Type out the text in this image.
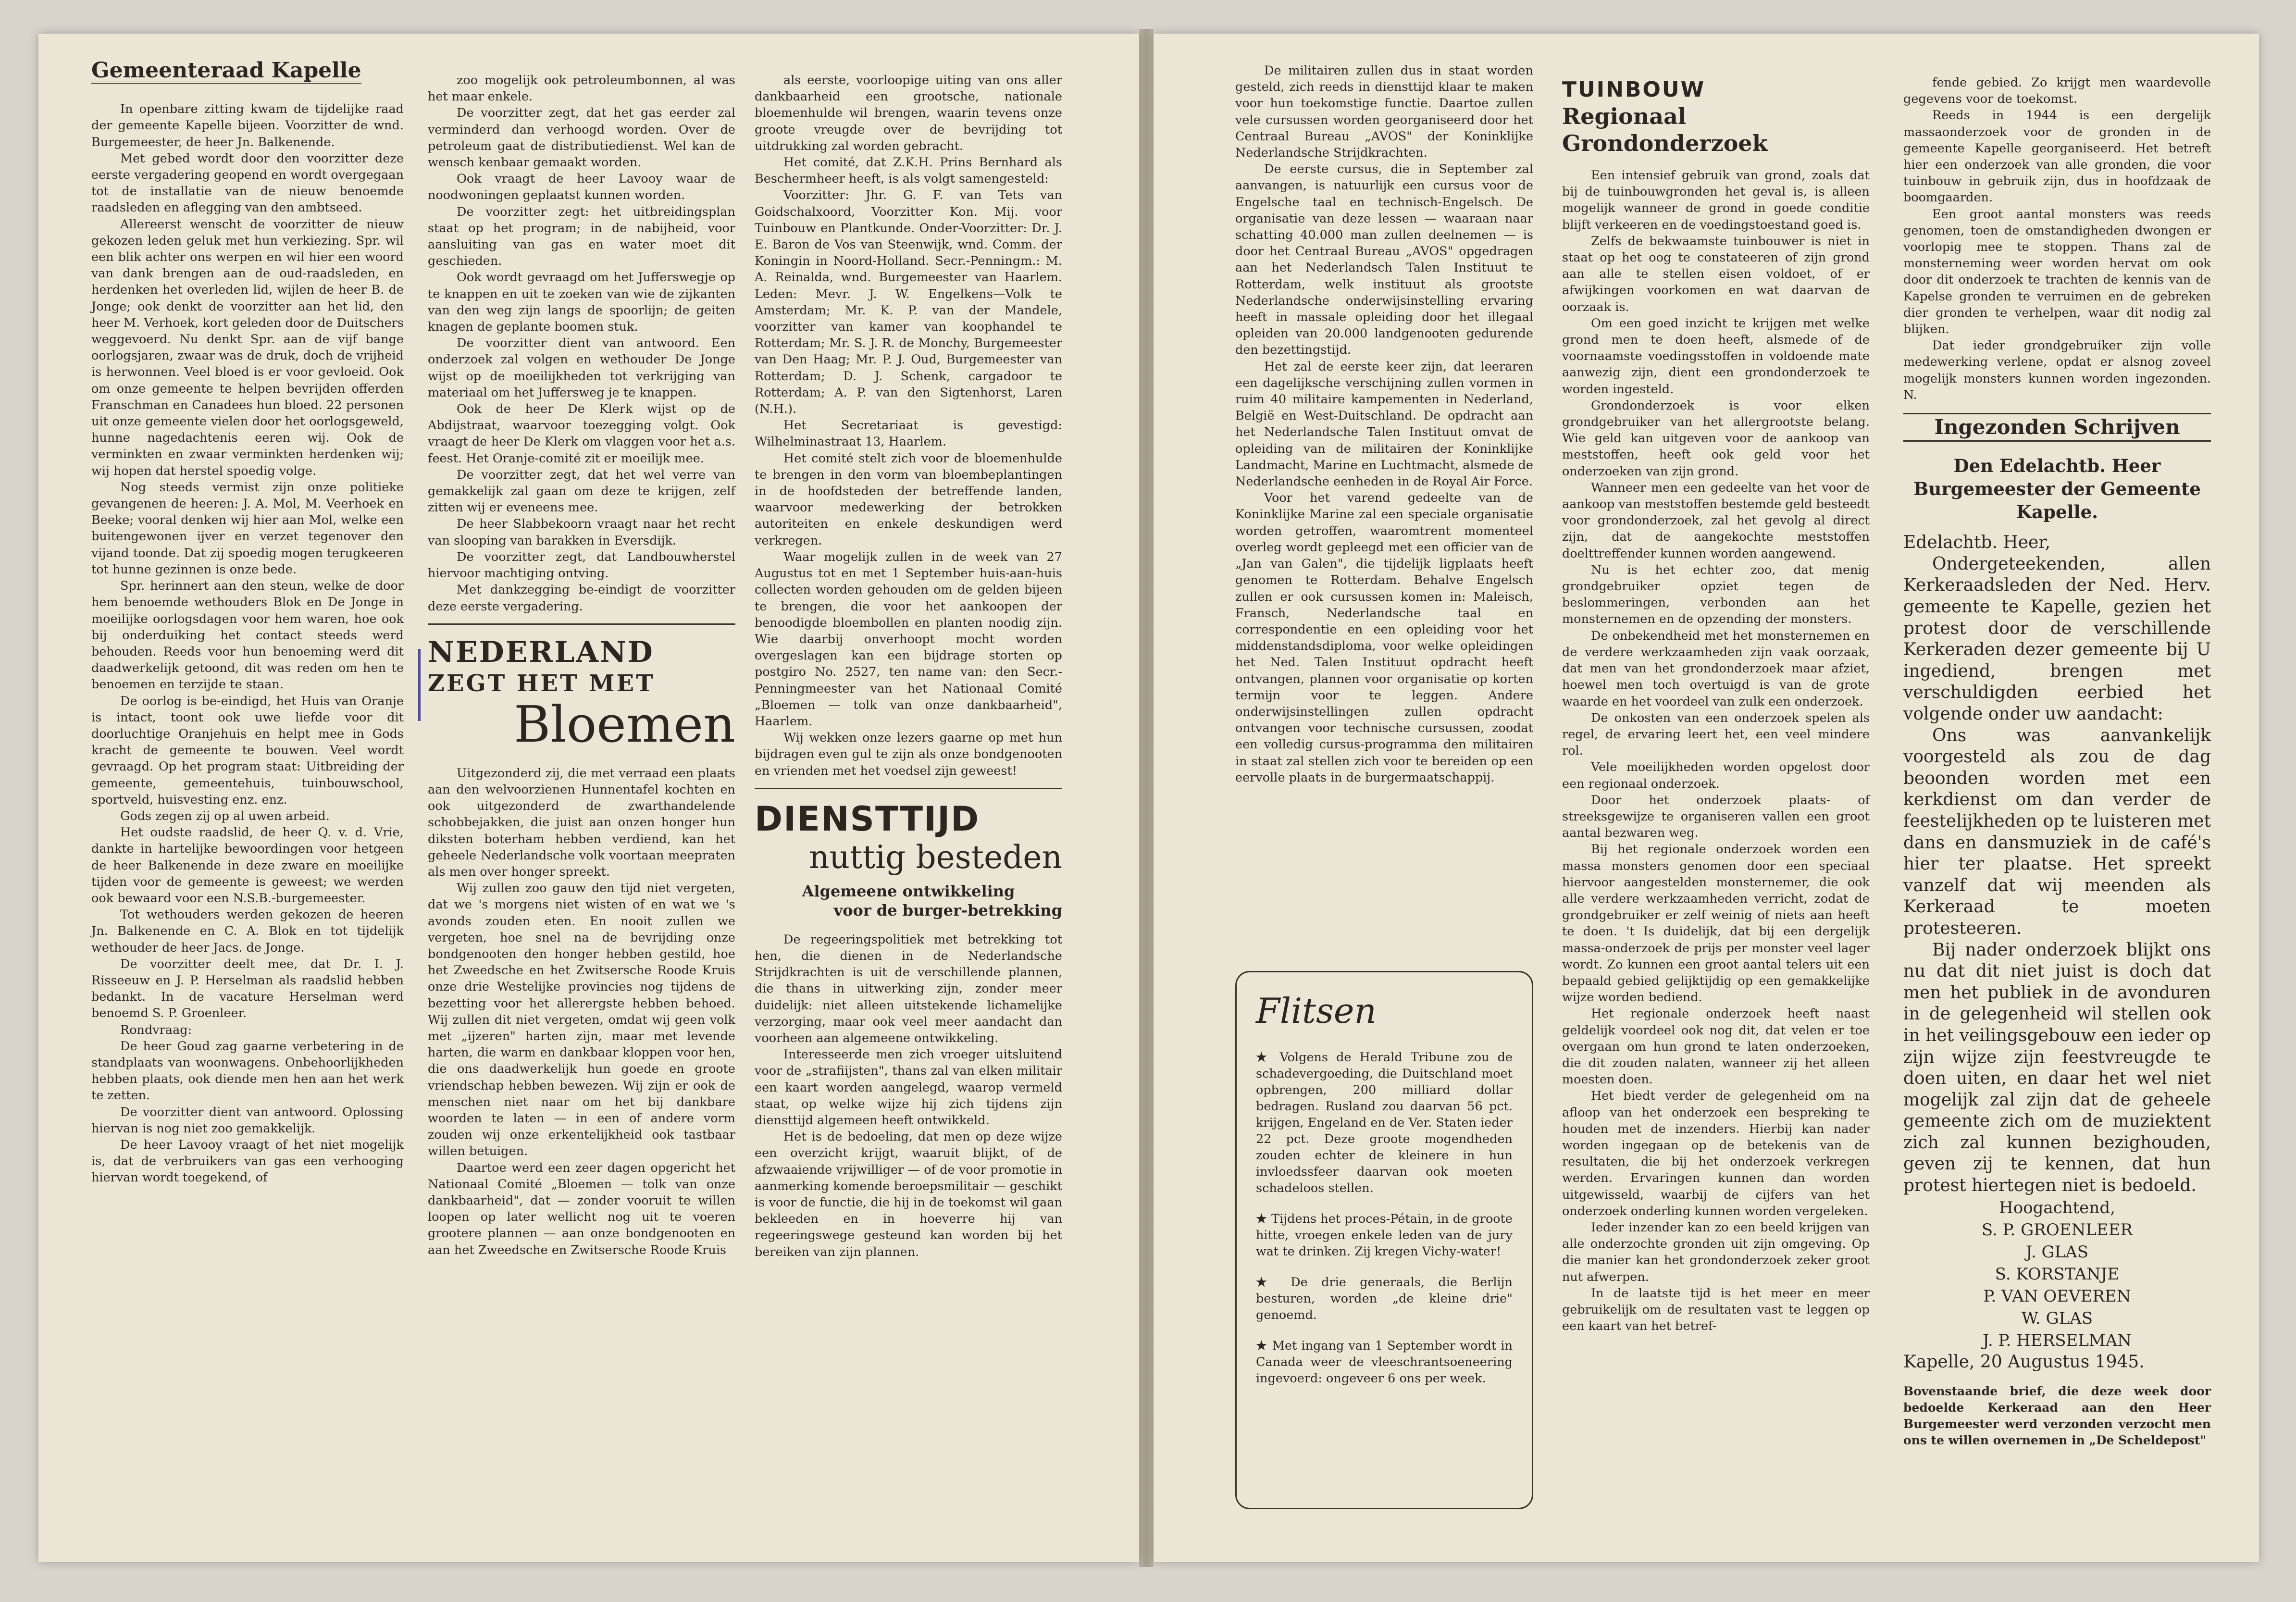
Gemeenteraad Kapelle

In openbare zitting kwam de tijdelijke raad der gemeente Kapelle bijeen. Voorzitter de wnd. Burgemeester, de heer Jn. Balkenende.

Met gebed wordt door den voorzitter deze eerste vergadering geopend en wordt overgegaan tot de installatie van de nieuw benoemde raadsleden en aflegging van den ambtseed.

Allereerst wenscht de voorzitter de nieuw gekozen leden geluk met hun verkiezing. Spr. wil een blik achter ons werpen en wil hier een woord van dank brengen aan de oud-raadsleden, en herdenken het overleden lid, wijlen de heer B. de Jonge; ook denkt de voorzitter aan het lid, den heer M. Verhoek, kort geleden door de Duitschers weggevoerd. Nu denkt Spr. aan de vijf bange oorlogsjaren, zwaar was de druk, doch de vrijheid is herwonnen. Veel bloed is er voor gevloeid. Ook om onze gemeente te helpen bevrijden offerden Franschman en Canadees hun bloed. 22 personen uit onze gemeente vielen door het oorlogsgeweld, hunne nagedachtenis eeren wij. Ook de verminkten en zwaar verminkten herdenken wij; wij hopen dat herstel spoedig volge.

Nog steeds vermist zijn onze politieke gevangenen de heeren: J. A. Mol, M. Veerhoek en Beeke; vooral denken wij hier aan Mol, welke een buitengewonen ijver en verzet tegenover den vijand toonde. Dat zij spoedig mogen terugkeeren tot hunne gezinnen is onze bede.

Spr. herinnert aan den steun, welke de door hem benoemde wethouders Blok en De Jonge in moeilijke oorlogsdagen voor hem waren, hoe ook bij onderduiking het contact steeds werd behouden. Reeds voor hun benoeming werd dit daadwerkelijk getoond, dit was reden om hen te benoemen en terzijde te staan.

De oorlog is be-eindigd, het Huis van Oranje is intact, toont ook uwe liefde voor dit doorluchtige Oranjehuis en helpt mee in Gods kracht de gemeente te bouwen. Veel wordt gevraagd. Op het program staat: Uitbreiding der gemeente, gemeentehuis, tuinbouwschool, sportveld, huisvesting enz. enz.

Gods zegen zij op al uwen arbeid.

Het oudste raadslid, de heer Q. v. d. Vrie, dankte in hartelijke bewoordingen voor hetgeen de heer Balkenende in deze zware en moeilijke tijden voor de gemeente is geweest; we werden ook bewaard voor een N.S.B.-burgemeester.

Tot wethouders werden gekozen de heeren Jn. Balkenende en C. A. Blok en tot tijdelijk wethouder de heer Jacs. de Jonge.

De voorzitter deelt mee, dat Dr. I. J. Risseeuw en J. P. Herselman als raadslid hebben bedankt. In de vacature Herselman werd benoemd S. P. Groenleer.

Rondvraag:

De heer Goud zag gaarne verbetering in de standplaats van woonwagens. Onbehoorlijkheden hebben plaats, ook diende men hen aan het werk te zetten.

De voorzitter dient van antwoord. Oplossing hiervan is nog niet zoo gemakkelijk.

De heer Lavooy vraagt of het niet mogelijk is, dat de verbruikers van gas een verhooging hiervan wordt toegekend, of

zoo mogelijk ook petroleumbonnen, al was het maar enkele.

De voorzitter zegt, dat het gas eerder zal verminderd dan verhoogd worden. Over de petroleum gaat de distributiedienst. Wel kan de wensch kenbaar gemaakt worden.

Ook vraagt de heer Lavooy waar de noodwoningen geplaatst kunnen worden.

De voorzitter zegt: het uitbreidingsplan staat op het program; in de nabijheid, voor aansluiting van gas en water moet dit geschieden.

Ook wordt gevraagd om het Jufferswegje op te knappen en uit te zoeken van wie de zijkanten van den weg zijn langs de spoorlijn; de geiten knagen de geplante boomen stuk.

De voorzitter dient van antwoord. Een onderzoek zal volgen en wethouder De Jonge wijst op de moeilijkheden tot verkrijging van materiaal om het Juffersweg je te knappen.

Ook de heer De Klerk wijst op de Abdijstraat, waarvoor toezegging volgt. Ook vraagt de heer De Klerk om vlaggen voor het a.s. feest. Het Oranje-comité zit er moeilijk mee.

De voorzitter zegt, dat het wel verre van gemakkelijk zal gaan om deze te krijgen, zelf zitten wij er eveneens mee.

De heer Slabbekoorn vraagt naar het recht van slooping van barakken in Eversdijk.

De voorzitter zegt, dat Landbouwherstel hiervoor machtiging ontving.

Met dankzegging be-eindigt de voorzitter deze eerste vergadering.

NEDERLAND
ZEGT HET MET
Bloemen

Uitgezonderd zij, die met verraad een plaats aan den welvoorzienen Hunnentafel kochten en ook uitgezonderd de zwarthandelende schobbejakken, die juist aan onzen honger hun diksten boterham hebben verdiend, kan het geheele Nederlandsche volk voortaan meepraten als men over honger spreekt.

Wij zullen zoo gauw den tijd niet vergeten, dat we 's morgens niet wisten of en wat we 's avonds zouden eten. En nooit zullen we vergeten, hoe snel na de bevrijding onze bondgenooten den honger hebben gestild, hoe het Zweedsche en het Zwitsersche Roode Kruis onze drie Westelijke provincies nog tijdens de bezetting voor het allerergste hebben behoed. Wij zullen dit niet vergeten, omdat wij geen volk met „ijzeren" harten zijn, maar met levende harten, die warm en dankbaar kloppen voor hen, die ons daadwerkelijk hun goede en groote vriendschap hebben bewezen. Wij zijn er ook de menschen niet naar om het bij dankbare woorden te laten — in een of andere vorm zouden wij onze erkentelijkheid ook tastbaar willen betuigen.

Daartoe werd een zeer dagen opgericht het Nationaal Comité „Bloemen — tolk van onze dankbaarheid", dat — zonder vooruit te willen loopen op later wellicht nog uit te voeren grootere plannen — aan onze bondgenooten en aan het Zweedsche en Zwitsersche Roode Kruis

als eerste, voorloopige uiting van ons aller dankbaarheid een grootsche, nationale bloemenhulde wil brengen, waarin tevens onze groote vreugde over de bevrijding tot uitdrukking zal worden gebracht.

Het comité, dat Z.K.H. Prins Bernhard als Beschermheer heeft, is als volgt samengesteld:

Voorzitter: Jhr. G. F. van Tets van Goidschalxoord, Voorzitter Kon. Mij. voor Tuinbouw en Plantkunde. Onder-Voorzitter: Dr. J. E. Baron de Vos van Steenwijk, wnd. Comm. der Koningin in Noord-Holland. Secr.-Penningm.: M. A. Reinalda, wnd. Burgemeester van Haarlem. Leden: Mevr. J. W. Engelkens—Volk te Amsterdam; Mr. K. P. van der Mandele, voorzitter van kamer van koophandel te Rotterdam; Mr. S. J. R. de Monchy, Burgemeester van Den Haag; Mr. P. J. Oud, Burgemeester van Rotterdam; D. J. Schenk, cargadoor te Rotterdam; A. P. van den Sigtenhorst, Laren (N.H.).

Het Secretariaat is gevestigd: Wilhelminastraat 13, Haarlem.

Het comité stelt zich voor de bloemenhulde te brengen in den vorm van bloembeplantingen in de hoofdsteden der betreffende landen, waarvoor medewerking der betrokken autoriteiten en enkele deskundigen werd verkregen.

Waar mogelijk zullen in de week van 27 Augustus tot en met 1 September huis-aan-huis collecten worden gehouden om de gelden bijeen te brengen, die voor het aankoopen der benoodigde bloembollen en planten noodig zijn. Wie daarbij onverhoopt mocht worden overgeslagen kan een bijdrage storten op postgiro No. 2527, ten name van: den Secr.-Penningmeester van het Nationaal Comité „Bloemen — tolk van onze dankbaarheid", Haarlem.

Wij wekken onze lezers gaarne op met hun bijdragen even gul te zijn als onze bondgenooten en vrienden met het voedsel zijn geweest!

DIENSTTIJD
nuttig besteden
Algemeene ontwikkeling
voor de burger-betrekking

De regeeringspolitiek met betrekking tot hen, die dienen in de Nederlandsche Strijdkrachten is uit de verschillende plannen, die thans in uitwerking zijn, zonder meer duidelijk: niet alleen uitstekende lichamelijke verzorging, maar ook veel meer aandacht dan voorheen aan algemeene ontwikkeling.

Interesseerde men zich vroeger uitsluitend voor de „strafiijsten", thans zal van elken militair een kaart worden aangelegd, waarop vermeld staat, op welke wijze hij zich tijdens zijn diensttijd algemeen heeft ontwikkeld.

Het is de bedoeling, dat men op deze wijze een overzicht krijgt, waaruit blijkt, of de afzwaaiende vrijwilliger — of de voor promotie in aanmerking komende beroepsmilitair — geschikt is voor de functie, die hij in de toekomst wil gaan bekleeden en in hoeverre hij van regeeringswege gesteund kan worden bij het bereiken van zijn plannen.

De militairen zullen dus in staat worden gesteld, zich reeds in diensttijd klaar te maken voor hun toekomstige functie. Daartoe zullen vele cursussen worden georganiseerd door het Centraal Bureau „AVOS" der Koninklijke Nederlandsche Strijdkrachten.

De eerste cursus, die in September zal aanvangen, is natuurlijk een cursus voor de Engelsche taal en technisch-Engelsch. De organisatie van deze lessen — waaraan naar schatting 40.000 man zullen deelnemen — is door het Centraal Bureau „AVOS" opgedragen aan het Nederlandsch Talen Instituut te Rotterdam, welk instituut als grootste Nederlandsche onderwijsinstelling ervaring heeft in massale opleiding door het illegaal opleiden van 20.000 landgenooten gedurende den bezettingstijd.

Het zal de eerste keer zijn, dat leeraren een dagelijksche verschijning zullen vormen in ruim 40 militaire kampementen in Nederland, België en West-Duitschland. De opdracht aan het Nederlandsche Talen Instituut omvat de opleiding van de militairen der Koninklijke Landmacht, Marine en Luchtmacht, alsmede de Nederlandsche eenheden in de Royal Air Force.

Voor het varend gedeelte van de Koninklijke Marine zal een speciale organisatie worden getroffen, waaromtrent momenteel overleg wordt gepleegd met een officier van de „Jan van Galen", die tijdelijk ligplaats heeft genomen te Rotterdam. Behalve Engelsch zullen er ook cursussen komen in: Maleisch, Fransch, Nederlandsche taal en correspondentie en een opleiding voor het middenstandsdiploma, voor welke opleidingen het Ned. Talen Instituut opdracht heeft ontvangen, plannen voor organisatie op korten termijn voor te leggen. Andere onderwijsinstellingen zullen opdracht ontvangen voor technische cursussen, zoodat een volledig cursus-programma den militairen in staat zal stellen zich voor te bereiden op een eervolle plaats in de burgermaatschappij.

Flitsen

★ Volgens de Herald Tribune zou de schadevergoeding, die Duitschland moet opbrengen, 200 milliard dollar bedragen. Rusland zou daarvan 56 pct. krijgen, Engeland en de Ver. Staten ieder 22 pct. Deze groote mogendheden zouden echter de kleinere in hun invloedssfeer daarvan ook moeten schadeloos stellen.

★ Tijdens het proces-Pétain, in de groote hitte, vroegen enkele leden van de jury wat te drinken. Zij kregen Vichy-water!

★ De drie generaals, die Berlijn besturen, worden „de kleine drie" genoemd.

★ Met ingang van 1 September wordt in Canada weer de vleeschrantsoeneering ingevoerd: ongeveer 6 ons per week.

TUINBOUW
Regionaal Grondonderzoek

Een intensief gebruik van grond, zoals dat bij de tuinbouwgronden het geval is, is alleen mogelijk wanneer de grond in goede conditie blijft verkeeren en de voedingstoestand goed is.

Zelfs de bekwaamste tuinbouwer is niet in staat op het oog te constateeren of zijn grond aan alle te stellen eisen voldoet, of er afwijkingen voorkomen en wat daarvan de oorzaak is.

Om een goed inzicht te krijgen met welke grond men te doen heeft, alsmede of de voornaamste voedingsstoffen in voldoende mate aanwezig zijn, dient een grondonderzoek te worden ingesteld.

Grondonderzoek is voor elken grondgebruiker van het allergrootste belang. Wie geld kan uitgeven voor de aankoop van meststoffen, heeft ook geld voor het onderzoeken van zijn grond.

Wanneer men een gedeelte van het voor de aankoop van meststoffen bestemde geld besteedt voor grondonderzoek, zal het gevolg al direct zijn, dat de aangekochte meststoffen doelttreffender kunnen worden aangewend.

Nu is het echter zoo, dat menig grondgebruiker opziet tegen de beslommeringen, verbonden aan het monsternemen en de opzending der monsters.

De onbekendheid met het monsternemen en de verdere werkzaamheden zijn vaak oorzaak, dat men van het grondonderzoek maar afziet, hoewel men toch overtuigd is van de grote waarde en het voordeel van zulk een onderzoek.

De onkosten van een onderzoek spelen als regel, de ervaring leert het, een veel mindere rol.

Vele moeilijkheden worden opgelost door een regionaal onderzoek.

Door het onderzoek plaats- of streeksgewijze te organiseren vallen een groot aantal bezwaren weg.

Bij het regionale onderzoek worden een massa monsters genomen door een speciaal hiervoor aangestelden monsternemer, die ook alle verdere werkzaamheden verricht, zodat de grondgebruiker er zelf weinig of niets aan heeft te doen. 't Is duidelijk, dat bij een dergelijk massa-onderzoek de prijs per monster veel lager wordt. Zo kunnen een groot aantal telers uit een bepaald gebied gelijktijdig op een gemakkelijke wijze worden bediend.

Het regionale onderzoek heeft naast geldelijk voordeel ook nog dit, dat velen er toe overgaan om hun grond te laten onderzoeken, die dit zouden nalaten, wanneer zij het alleen moesten doen.

Het biedt verder de gelegenheid om na afloop van het onderzoek een bespreking te houden met de inzenders. Hierbij kan nader worden ingegaan op de betekenis van de resultaten, die bij het onderzoek verkregen werden. Ervaringen kunnen dan worden uitgewisseld, waarbij de cijfers van het onderzoek onderling kunnen worden vergeleken.

Ieder inzender kan zo een beeld krijgen van alle onderzochte gronden uit zijn omgeving. Op die manier kan het grondonderzoek zeker groot nut afwerpen.

In de laatste tijd is het meer en meer gebruikelijk om de resultaten vast te leggen op een kaart van het betref-

fende gebied. Zo krijgt men waardevolle gegevens voor de toekomst.

Reeds in 1944 is een dergelijk massaonderzoek voor de gronden in de gemeente Kapelle georganiseerd. Het betreft hier een onderzoek van alle gronden, die voor tuinbouw in gebruik zijn, dus in hoofdzaak de boomgaarden.

Een groot aantal monsters was reeds genomen, toen de omstandigheden dwongen er voorlopig mee te stoppen. Thans zal de monsterneming weer worden hervat om ook door dit onderzoek te trachten de kennis van de Kapelse gronden te verruimen en de gebreken dier gronden te verhelpen, waar dit nodig zal blijken.

Dat ieder grondgebruiker zijn volle medewerking verlene, opdat er alsnog zoveel mogelijk monsters kunnen worden ingezonden. N.

Ingezonden Schrijven
Den Edelachtb. Heer Burgemeester der Gemeente Kapelle.
Edelachtb. Heer,

Ondergeteekenden, allen Kerkeraadsleden der Ned. Herv. gemeente te Kapelle, gezien het protest door de verschillende Kerkeraden dezer gemeente bij U ingediend, brengen met verschuldigden eerbied het volgende onder uw aandacht:

Ons was aanvankelijk voorgesteld als zou de dag beoonden worden met een kerkdienst om dan verder de feestelijkheden op te luisteren met dans en dansmuziek in de café's hier ter plaatse. Het spreekt vanzelf dat wij meenden als Kerkeraad te moeten protesteeren.

Bij nader onderzoek blijkt ons nu dat dit niet juist is doch dat men het publiek in de avonduren in de gelegenheid wil stellen ook in het veilingsgebouw een ieder op zijn wijze zijn feestvreugde te doen uiten, en daar het wel niet mogelijk zal zijn dat de geheele gemeente zich om de muziektent zich zal kunnen bezighouden, geven zij te kennen, dat hun protest hiertegen niet is bedoeld.

Hoogachtend,
S. P. GROENLEER
J. GLAS
S. KORSTANJE
P. VAN OEVEREN
W. GLAS
J. P. HERSELMAN
Kapelle, 20 Augustus 1945.
Bovenstaande brief, die deze week door bedoelde Kerkeraad aan den Heer Burgemeester werd verzonden verzocht men ons te willen overnemen in „De Scheldepost"
